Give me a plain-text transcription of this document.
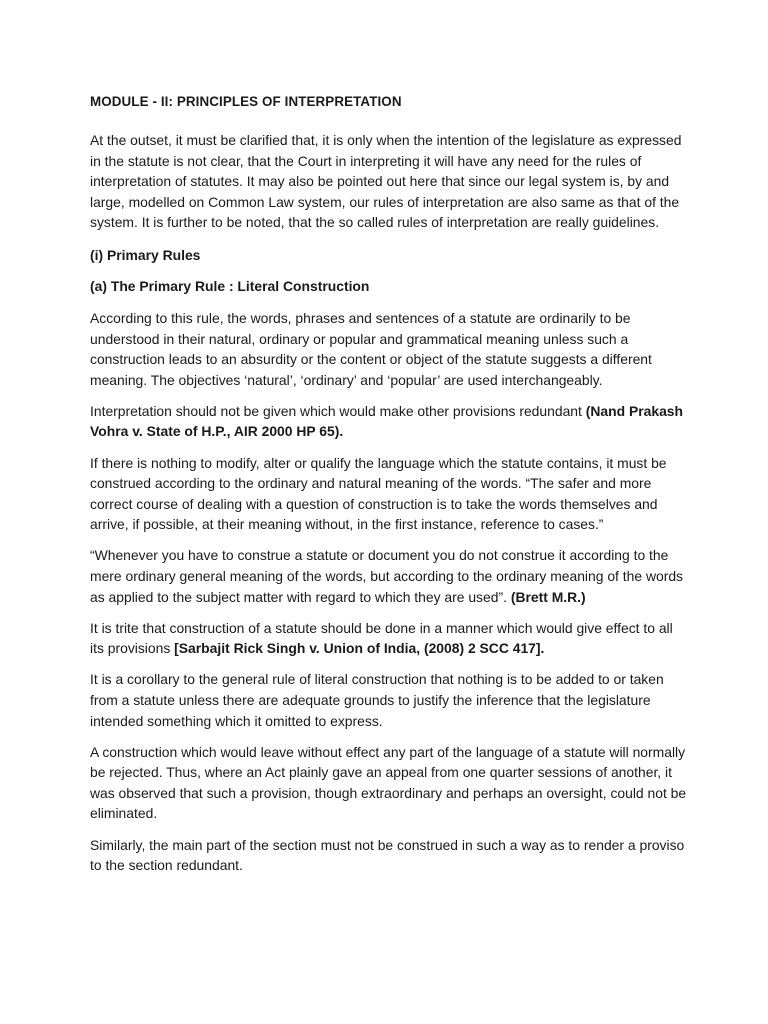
MODULE - II: PRINCIPLES OF INTERPRETATION

At the outset, it must be clarified that, it is only when the intention of the legislature as expressed in the statute is not clear, that the Court in interpreting it will have any need for the rules of interpretation of statutes. It may also be pointed out here that since our legal system is, by and large, modelled on Common Law system, our rules of interpretation are also same as that of the system. It is further to be noted, that the so called rules of interpretation are really guidelines.

(i) Primary Rules
(a) The Primary Rule : Literal Construction

According to this rule, the words, phrases and sentences of a statute are ordinarily to be understood in their natural, ordinary or popular and grammatical meaning unless such a construction leads to an absurdity or the content or object of the statute suggests a different meaning. The objectives ‘natural’, ‘ordinary’ and ‘popular’ are used interchangeably.

Interpretation should not be given which would make other provisions redundant (Nand Prakash Vohra v. State of H.P., AIR 2000 HP 65).

If there is nothing to modify, alter or qualify the language which the statute contains, it must be construed according to the ordinary and natural meaning of the words. “The safer and more correct course of dealing with a question of construction is to take the words themselves and arrive, if possible, at their meaning without, in the first instance, reference to cases.”

“Whenever you have to construe a statute or document you do not construe it according to the mere ordinary general meaning of the words, but according to the ordinary meaning of the words as applied to the subject matter with regard to which they are used”. (Brett M.R.)

It is trite that construction of a statute should be done in a manner which would give effect to all its provisions [Sarbajit Rick Singh v. Union of India, (2008) 2 SCC 417].

It is a corollary to the general rule of literal construction that nothing is to be added to or taken from a statute unless there are adequate grounds to justify the inference that the legislature intended something which it omitted to express.

A construction which would leave without effect any part of the language of a statute will normally be rejected. Thus, where an Act plainly gave an appeal from one quarter sessions of another, it was observed that such a provision, though extraordinary and perhaps an oversight, could not be eliminated.

Similarly, the main part of the section must not be construed in such a way as to render a proviso to the section redundant.
